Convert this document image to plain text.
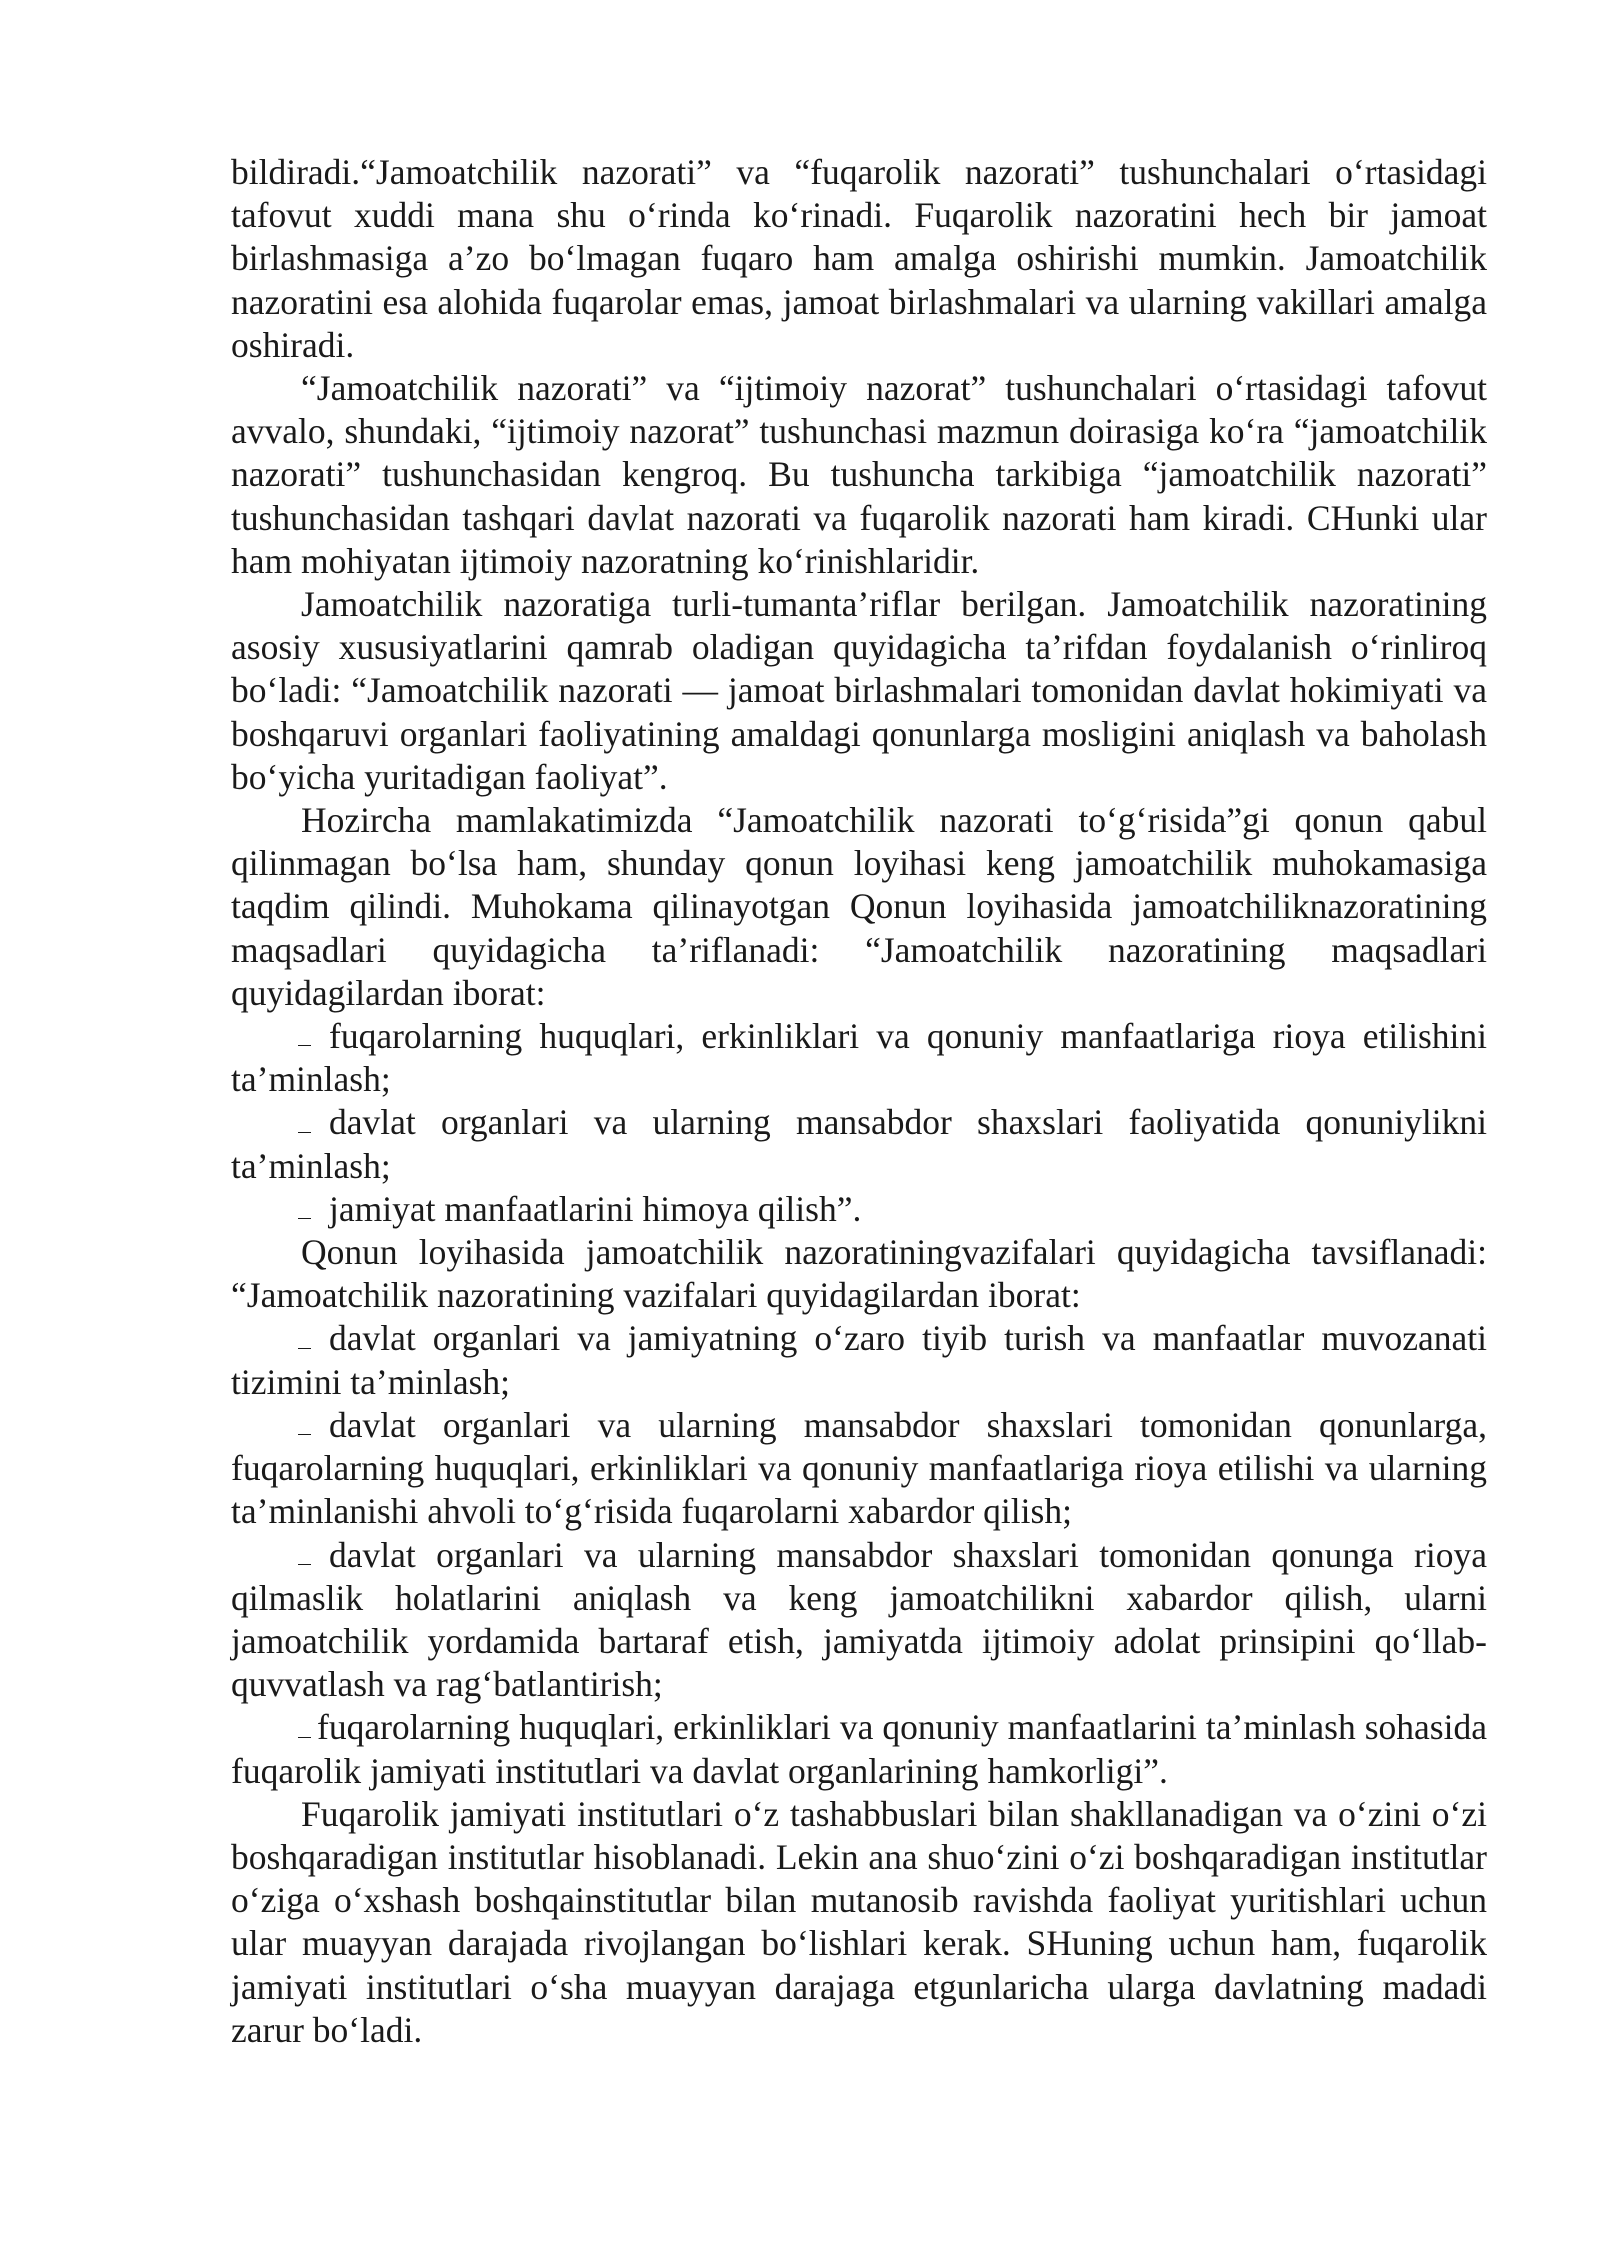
bildiradi.“Jamoatchilik nazorati” va “fuqarolik nazorati” tushunchalari o‘rtasidagi tafovut xuddi mana shu o‘rinda ko‘rinadi. Fuqarolik nazoratini hech bir jamoat birlashmasiga a’zo bo‘lmagan fuqaro ham amalga oshirishi mumkin. Jamoatchilik nazoratini esa alohida fuqarolar emas, jamoat birlashmalari va ularning vakillari amalga oshiradi.

“Jamoatchilik nazorati” va “ijtimoiy nazorat” tushunchalari o‘rtasidagi tafovut avvalo, shundaki, “ijtimoiy nazorat” tushunchasi mazmun doirasiga ko‘ra “jamoatchilik nazorati” tushunchasidan kengroq. Bu tushuncha tarkibiga “jamoatchilik nazorati” tushunchasidan tashqari davlat nazorati va fuqarolik nazorati ham kiradi. CHunki ular ham mohiyatan ijtimoiy nazoratning ko‘rinishlaridir.

Jamoatchilik nazoratiga turli-tumanta’riflar berilgan. Jamoatchilik nazoratining asosiy xususiyatlarini qamrab oladigan quyidagicha ta’rifdan foydalanish o‘rinliroq bo‘ladi: “Jamoatchilik nazorati — jamoat birlashmalari tomonidan davlat hokimiyati va boshqaruvi organlari faoliyatining amaldagi qonunlarga mosligini aniqlash va baholash bo‘yicha yuritadigan faoliyat”.

Hozircha mamlakatimizda “Jamoatchilik nazorati to‘g‘risida”gi qonun qabul qilinmagan bo‘lsa ham, shunday qonun loyihasi keng jamoatchilik muhokamasiga taqdim qilindi. Muhokama qilinayotgan Qonun loyihasida jamoatchiliknazoratining maqsadlari quyidagicha ta’riflanadi: “Jamoatchilik nazoratining maqsadlari quyidagilardan iborat:

fuqarolarning huquqlari, erkinliklari va qonuniy manfaatlariga rioya etilishini ta’minlash;

davlat organlari va ularning mansabdor shaxslari faoliyatida qonuniylikni ta’minlash;

jamiyat manfaatlarini himoya qilish”.

Qonun loyihasida jamoatchilik nazoratiningvazifalari quyidagicha tavsiflanadi: “Jamoatchilik nazoratining vazifalari quyidagilardan iborat:

davlat organlari va jamiyatning o‘zaro tiyib turish va manfaatlar muvozanati tizimini ta’minlash;

davlat organlari va ularning mansabdor shaxslari tomonidan qonunlarga, fuqarolarning huquqlari, erkinliklari va qonuniy manfaatlariga rioya etilishi va ularning ta’minlanishi ahvoli to‘g‘risida fuqarolarni xabardor qilish;

davlat organlari va ularning mansabdor shaxslari tomonidan qonunga rioya qilmaslik holatlarini aniqlash va keng jamoatchilikni xabardor qilish, ularni jamoatchilik yordamida bartaraf etish, jamiyatda ijtimoiy adolat prinsipini qo‘llab-quvvatlash va rag‘batlantirish;

fuqarolarning huquqlari, erkinliklari va qonuniy manfaatlarini ta’minlash sohasida fuqarolik jamiyati institutlari va davlat organlarining hamkorligi”.

Fuqarolik jamiyati institutlari o‘z tashabbuslari bilan shakllanadigan va o‘zini o‘zi boshqaradigan institutlar hisoblanadi. Lekin ana shuo‘zini o‘zi boshqaradigan institutlar o‘ziga o‘xshash boshqainstitutlar bilan mutanosib ravishda faoliyat yuritishlari uchun ular muayyan darajada rivojlangan bo‘lishlari kerak. SHuning uchun ham, fuqarolik jamiyati institutlari o‘sha muayyan darajaga etgunlaricha ularga davlatning madadi zarur bo‘ladi.
